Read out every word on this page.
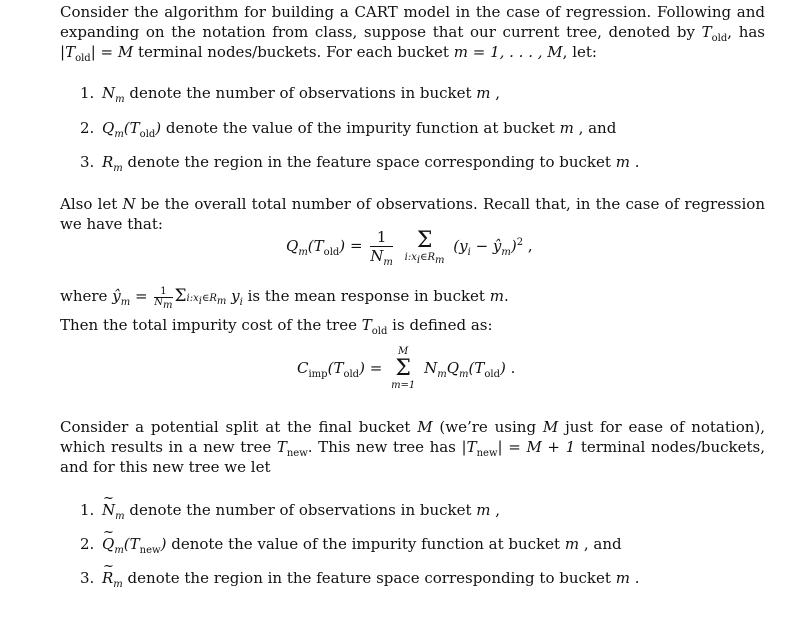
Consider the algorithm for building a CART model in the case of regression. Following and expanding on the notation from class, suppose that our current tree, denoted by $T_{old}$, has $|T_{old}| = M$ terminal nodes/buckets. For each bucket m = 1, . . . , M, let:

1. $N_m$ denote the number of observations in bucket m ,

2. $Q_m(T_{old})$ denote the value of the impurity function at bucket m , and

3. $R_m$ denote the region in the feature space corresponding to bucket m .

Also let N be the overall total number of observations. Recall that, in the case of regression we have that:

$Q_m(T_{old}) = \frac{1}{N_m}$
	Σ
$i:x_i\in R_m$
($y_i$ − $ŷ_m)^2$ ,

where $ŷ_m = \frac{1}{N_m}$ $\Sigma i:x_i\in R_m$ $y_i$ is the mean response in bucket m.

Then the total impurity cost of the tree $T_{old}$ is defined as:

$C_{imp}(T_{old})$ =
M
Σ
m=1
$N_mQ_m(T_{old})$ .

Consider a potential split at the final bucket M (we’re using M just for ease of notation), which results in a new tree $T_{new}$. This new tree has $|T_{new}| = M + 1$ terminal nodes/buckets, and for this new tree we let

1. ~ $N_m$ denote the number of observations in bucket m ,

2. ~ $Q_m(T_{new})$ denote the value of the impurity function at bucket m , and

3. ~ $R_m$ denote the region in the feature space corresponding to bucket m .
